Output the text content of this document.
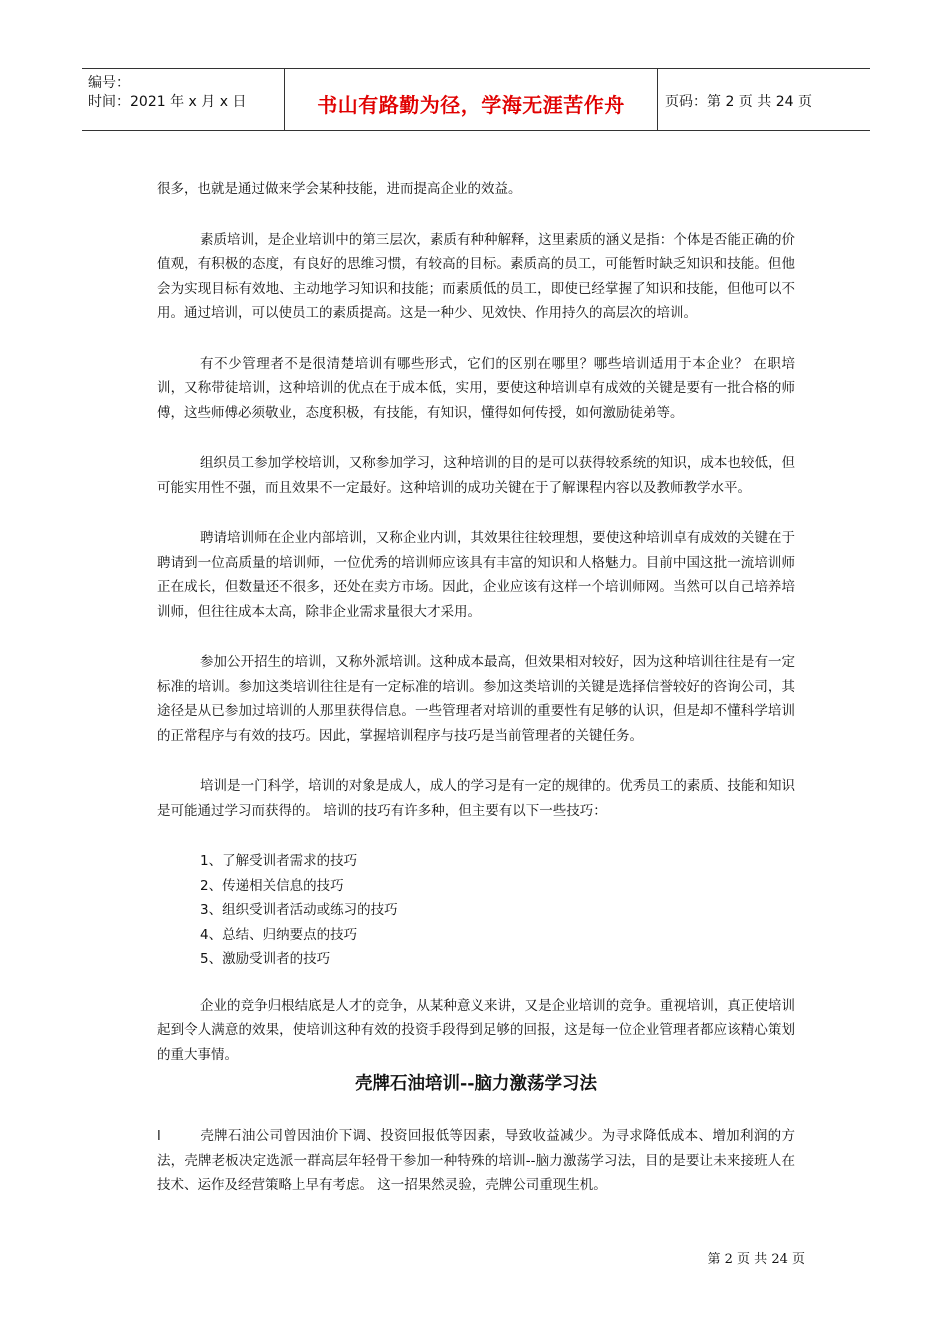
编号：
时间：2021 年 x 月 x 日	书山有路勤为径，学海无涯苦作舟	页码：第 2 页 共 24 页

很多，也就是通过做来学会某种技能，进而提高企业的效益。

素质培训，是企业培训中的第三层次，素质有种种解释，这里素质的涵义是指：个体是否能正确的价值观，有积极的态度，有良好的思维习惯，有较高的目标。素质高的员工，可能暂时缺乏知识和技能。但他会为实现目标有效地、主动地学习知识和技能；而素质低的员工，即使已经掌握了知识和技能，但他可以不用。通过培训，可以使员工的素质提高。这是一种少、见效快、作用持久的高层次的培训。

有不少管理者不是很清楚培训有哪些形式，它们的区别在哪里？哪些培训适用于本企业？ 在职培训，又称带徒培训，这种培训的优点在于成本低，实用，要使这种培训卓有成效的关键是要有一批合格的师傅，这些师傅必须敬业，态度积极，有技能，有知识，懂得如何传授，如何激励徒弟等。

组织员工参加学校培训，又称参加学习，这种培训的目的是可以获得较系统的知识，成本也较低，但可能实用性不强，而且效果不一定最好。这种培训的成功关键在于了解课程内容以及教师教学水平。

聘请培训师在企业内部培训，又称企业内训，其效果往往较理想，要使这种培训卓有成效的关键在于聘请到一位高质量的培训师，一位优秀的培训师应该具有丰富的知识和人格魅力。目前中国这批一流培训师正在成长，但数量还不很多，还处在卖方市场。因此，企业应该有这样一个培训师网。当然可以自己培养培训师，但往往成本太高，除非企业需求量很大才采用。

参加公开招生的培训，又称外派培训。这种成本最高，但效果相对较好，因为这种培训往往是有一定标准的培训。参加这类培训往往是有一定标准的培训。参加这类培训的关键是选择信誉较好的咨询公司，其途径是从已参加过培训的人那里获得信息。一些管理者对培训的重要性有足够的认识，但是却不懂科学培训的正常程序与有效的技巧。因此，掌握培训程序与技巧是当前管理者的关键任务。

培训是一门科学，培训的对象是成人，成人的学习是有一定的规律的。优秀员工的素质、技能和知识是可能通过学习而获得的。 培训的技巧有许多种，但主要有以下一些技巧：

1、了解受训者需求的技巧
2、传递相关信息的技巧
3、组织受训者活动或练习的技巧
4、总结、归纳要点的技巧
5、激励受训者的技巧

企业的竞争归根结底是人才的竞争，从某种意义来讲，又是企业培训的竞争。重视培训，真正使培训起到令人满意的效果，使培训这种有效的投资手段得到足够的回报，这是每一位企业管理者都应该精心策划的重大事情。

壳牌石油培训--脑力激荡学习法

l	壳牌石油公司曾因油价下调、投资回报低等因素，导致收益减少。为寻求降低成本、增加利润的方法，壳牌老板决定选派一群高层年轻骨干参加一种特殊的培训--脑力激荡学习法，目的是要让未来接班人在技术、运作及经营策略上早有考虑。 这一招果然灵验，壳牌公司重现生机。

第 2 页 共 24 页
